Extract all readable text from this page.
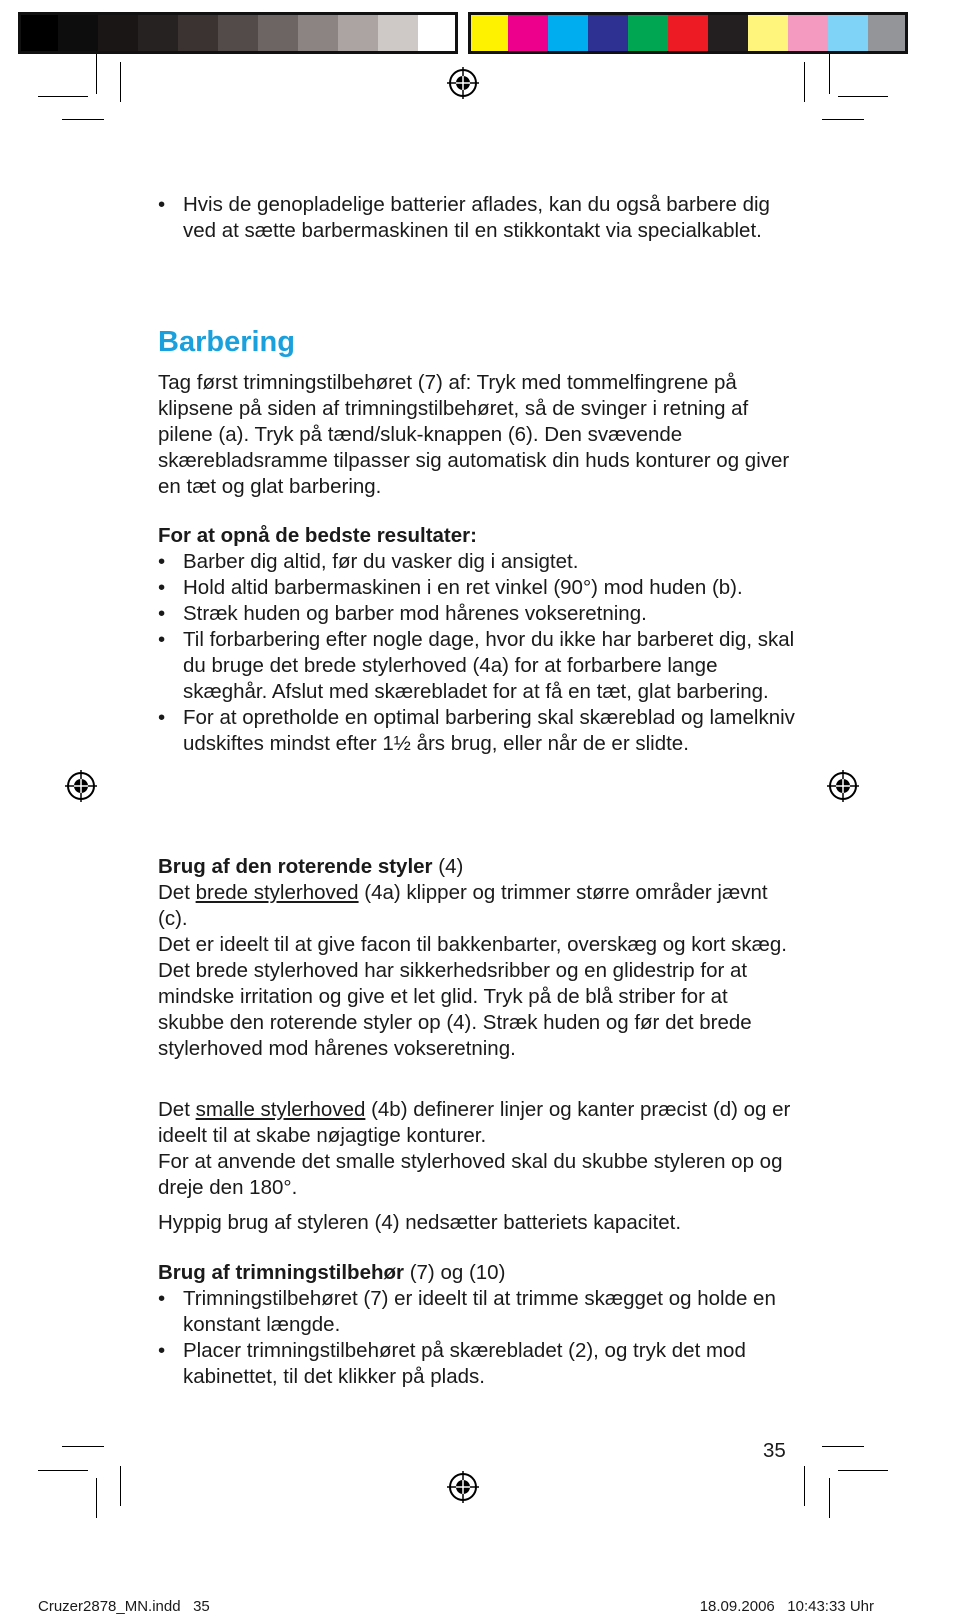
• Hvis de genopladelige batterier aflades, kan du også barbere dig ved at sætte barbermaskinen til en stikkontakt via specialkablet.
Barbering

Tag først trimningstilbehøret (7) af: Tryk med tommelfingrene på klipsene på siden af trimningstilbehøret, så de svinger i retning af pilene (a). Tryk på tænd/sluk-knappen (6). Den svævende skærebladsramme tilpasser sig automatisk din huds konturer og giver en tæt og glat barbering.

For at opnå de bedste resultater:

• Barber dig altid, før du vasker dig i ansigtet.
• Hold altid barbermaskinen i en ret vinkel (90°) mod huden (b).
• Stræk huden og barber mod hårenes vokseretning.
• Til forbarbering efter nogle dage, hvor du ikke har barberet dig, skal du bruge det brede stylerhoved (4a) for at forbarbere lange skæghår. Afslut med skærebladet for at få en tæt, glat barbering.
• For at opretholde en optimal barbering skal skæreblad og lamelkniv udskiftes mindst efter 1½ års brug, eller når de er slidte.

Brug af den roterende styler (4)

Det brede stylerhoved (4a) klipper og trimmer større områder jævnt (c).
Det er ideelt til at give facon til bakkenbarter, overskæg og kort skæg. Det brede stylerhoved har sikkerhedsribber og en glidestrip for at mindske irritation og give et let glid. Tryk på de blå striber for at skubbe den roterende styler op (4). Stræk huden og før det brede stylerhoved mod hårenes vokseretning.

Det smalle stylerhoved (4b) definerer linjer og kanter præcist (d) og er ideelt til at skabe nøjagtige konturer.
For at anvende det smalle stylerhoved skal du skubbe styleren op og dreje den 180°.

Hyppig brug af styleren (4) nedsætter batteriets kapacitet.

Brug af trimningstilbehør (7) og (10)

• Trimningstilbehøret (7) er ideelt til at trimme skægget og holde en konstant længde.
• Placer trimningstilbehøret på skærebladet (2), og tryk det mod kabinettet, til det klikker på plads.
35
Cruzer2878_MN.indd   35	18.09.2006   10:43:33 Uhr
